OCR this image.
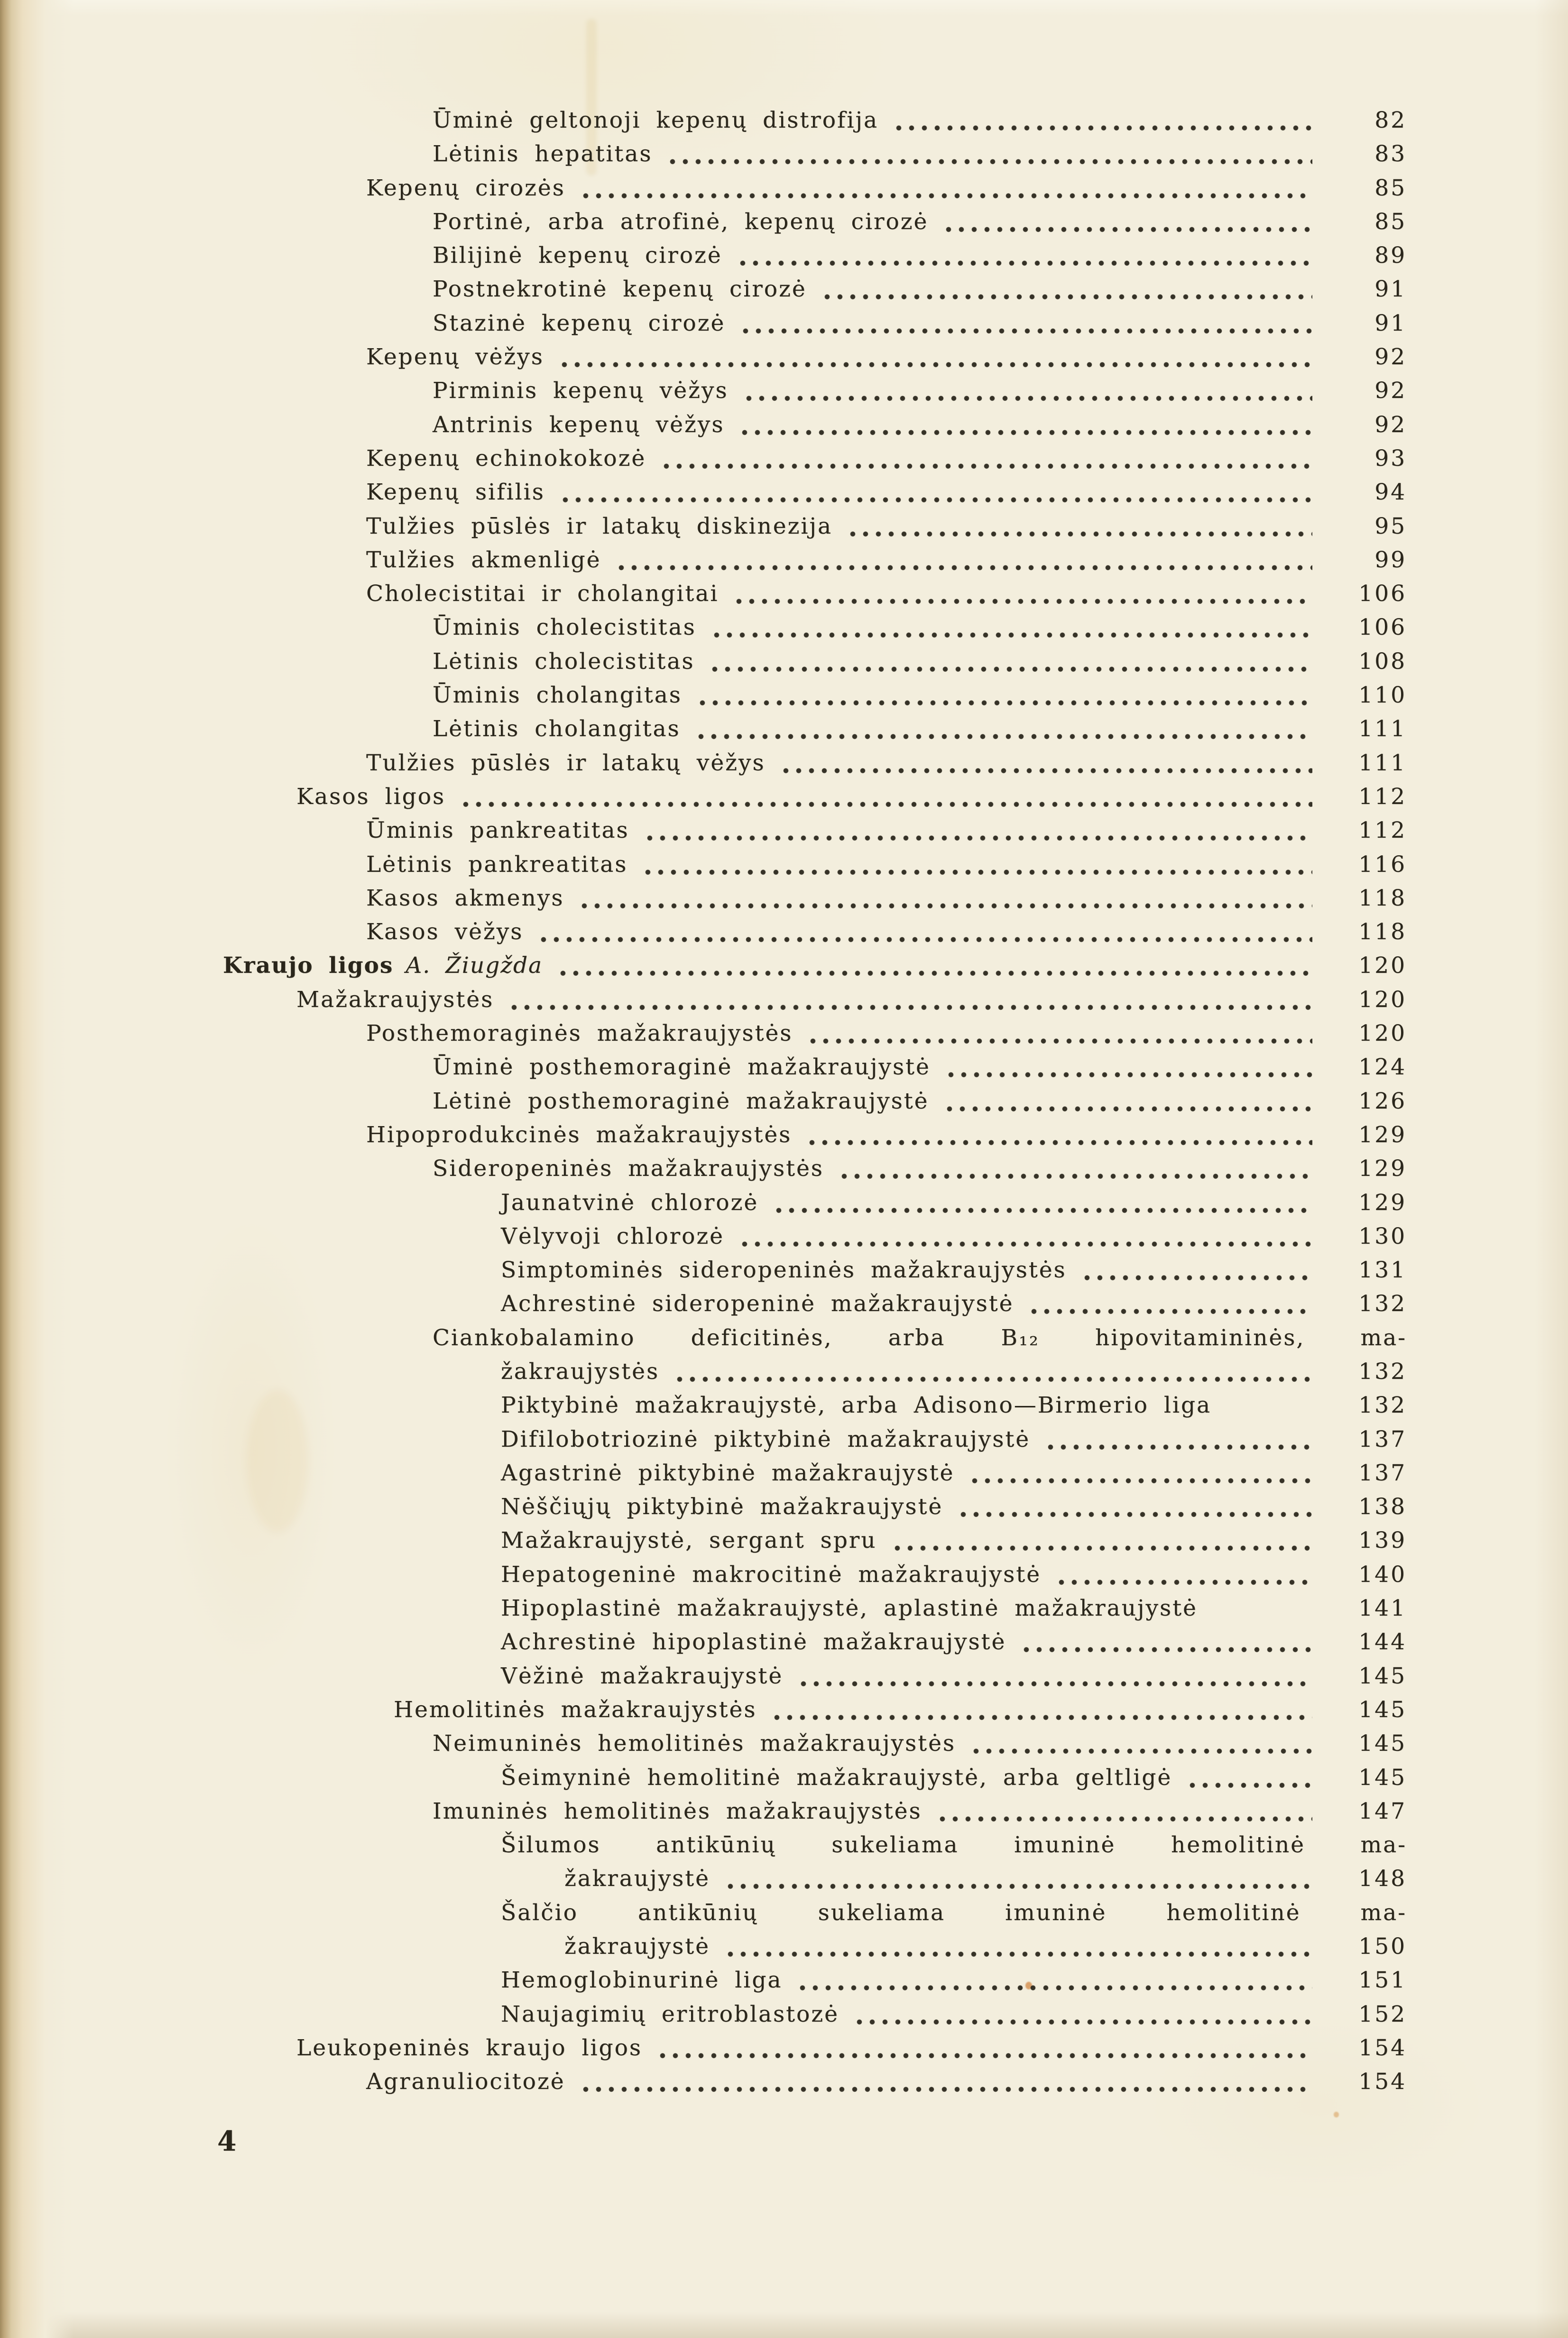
Ūminė geltonoji kepenų distrofija	82
Lėtinis hepatitas	83
Kepenų cirozės	85
Portinė, arba atrofinė, kepenų cirozė	85
Bilijinė kepenų cirozė	89
Postnekrotinė kepenų cirozė	91
Stazinė kepenų cirozė	91
Kepenų vėžys	92
Pirminis kepenų vėžys	92
Antrinis kepenų vėžys	92
Kepenų echinokokozė	93
Kepenų sifilis	94
Tulžies pūslės ir latakų diskinezija	95
Tulžies akmenligė	99
Cholecistitai ir cholangitai	106
Ūminis cholecistitas	106
Lėtinis cholecistitas	108
Ūminis cholangitas	110
Lėtinis cholangitas	111
Tulžies pūslės ir latakų vėžys	111
Kasos ligos	112
Ūminis pankreatitas	112
Lėtinis pankreatitas	116
Kasos akmenys	118
Kasos vėžys	118
Kraujo ligos A. Žiugžda	120
Mažakraujystės	120
Posthemoraginės mažakraujystės	120
Ūminė posthemoraginė mažakraujystė	124
Lėtinė posthemoraginė mažakraujystė	126
Hipoprodukcinės mažakraujystės	129
Sideropeninės mažakraujystės	129
Jaunatvinė chlorozė	129
Vėlyvoji chlorozė	130
Simptominės sideropeninės mažakraujystės	131
Achrestinė sideropeninė mažakraujystė	132
Ciankobalamino deficitinės, arba B₁₂ hipovitamininės, ma-
žakraujystės	132
Piktybinė mažakraujystė, arba Adisono—Birmerio liga	132
Difilobotriozinė piktybinė mažakraujystė	137
Agastrinė piktybinė mažakraujystė	137
Nėščiųjų piktybinė mažakraujystė	138
Mažakraujystė, sergant spru	139
Hepatogeninė makrocitinė mažakraujystė	140
Hipoplastinė mažakraujystė, aplastinė mažakraujystė	141
Achrestinė hipoplastinė mažakraujystė	144
Vėžinė mažakraujystė	145
Hemolitinės mažakraujystės	145
Neimuninės hemolitinės mažakraujystės	145
Šeimyninė hemolitinė mažakraujystė, arba geltligė	145
Imuninės hemolitinės mažakraujystės	147
Šilumos antikūnių sukeliama imuninė hemolitinė ma-
žakraujystė	148
Šalčio antikūnių sukeliama imuninė hemolitinė ma-
žakraujystė	150
Hemoglobinurinė liga	151
Naujagimių eritroblastozė	152
Leukopeninės kraujo ligos	154
Agranuliocitozė	154
4
